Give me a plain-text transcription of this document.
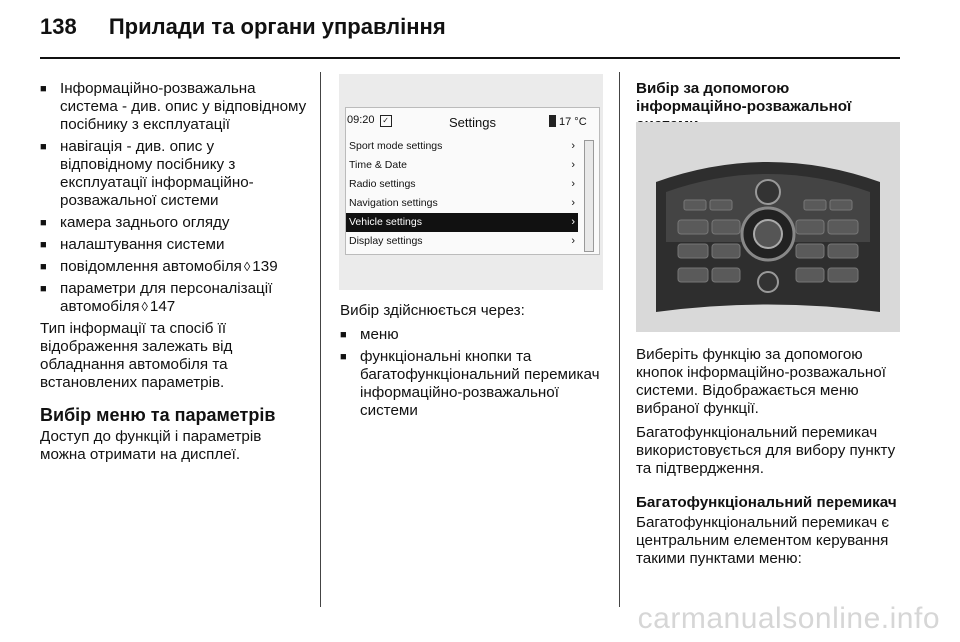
138 Прилади та органи управління
■ Інформаційно-розважальна система - див. опис у відповідному посібнику з експлуатації
■ навігація - див. опис у відповідному посібнику з експлуатації інформаційно-розважальної системи
■ камера заднього огляду
■ налаштування системи
■ повідомлення автомобіля ◊ 139
■ параметри для персоналізації автомобіля ◊ 147

Тип інформації та спосіб її відображення залежать від обладнання автомобіля та встановлених параметрів.

Вибір меню та параметрів

Доступ до функцій і параметрів можна отримати на дисплеї.

09:20 ✓	Settings	17 °C
Sport mode settings	›
Time & Date	›
Radio settings	›
Navigation settings	›
Vehicle settings	›
Display settings	›

Вибір здійснюється через:

■ меню
■ функціональні кнопки та багатофункціональний перемикач інформаційно-розважальної системи
Вибір за допомогою інформаційно-розважальної

Виберіть функцію за допомогою кнопок інформаційно-розважальної системи. Відображається меню вибраної функції.

Багатофункціональний перемикач використовується для вибору пункту та підтвердження.

Багатофункціональний перемикач

Багатофункціональний перемикач є центральним елементом керування такими пунктами меню:

carmanualsonline.info
